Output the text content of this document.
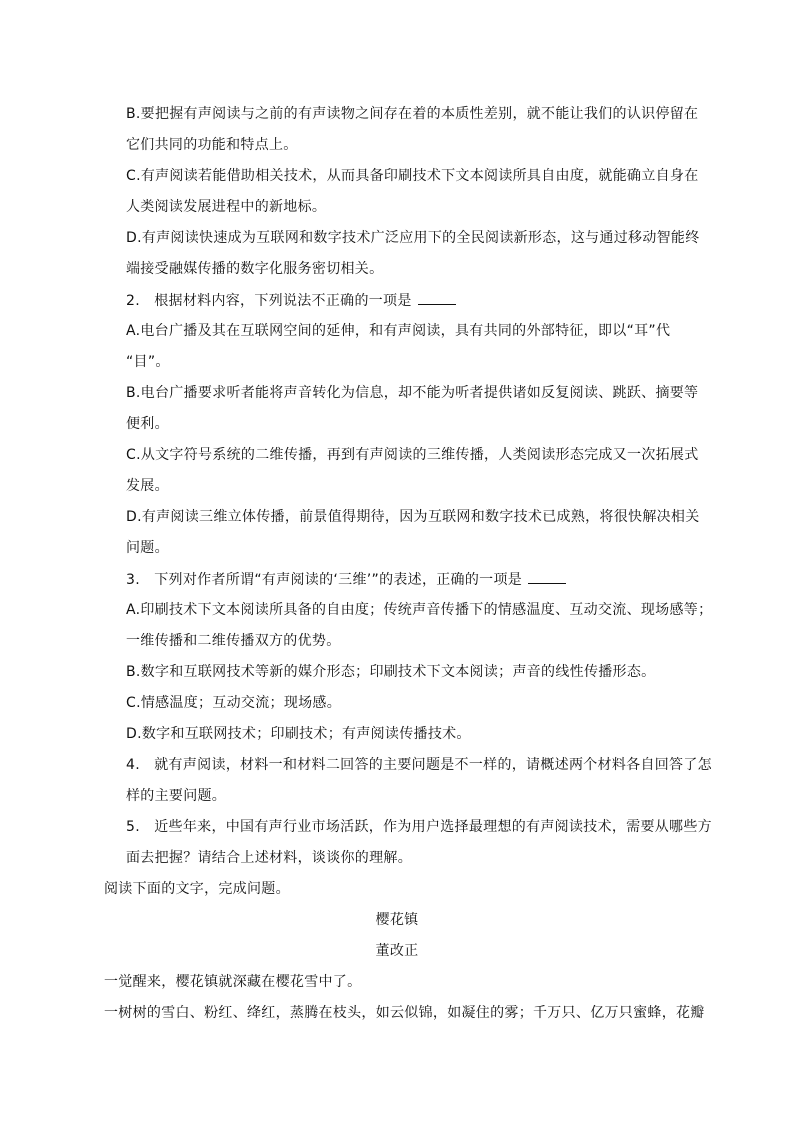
B.要把握有声阅读与之前的有声读物之间存在着的本质性差别，就不能让我们的认识停留在
它们共同的功能和特点上。
C.有声阅读若能借助相关技术，从而具备印刷技术下文本阅读所具自由度，就能确立自身在
人类阅读发展进程中的新地标。
D.有声阅读快速成为互联网和数字技术广泛应用下的全民阅读新形态，这与通过移动智能终
端接受融媒传播的数字化服务密切相关。
2.　根据材料内容，下列说法不正确的一项是
A.电台广播及其在互联网空间的延伸，和有声阅读，具有共同的外部特征，即以“耳”代
“目”。
B.电台广播要求听者能将声音转化为信息，却不能为听者提供诸如反复阅读、跳跃、摘要等
便利。
C.从文字符号系统的二维传播，再到有声阅读的三维传播，人类阅读形态完成又一次拓展式
发展。
D.有声阅读三维立体传播，前景值得期待，因为互联网和数字技术已成熟，将很快解决相关
问题。
3.　下列对作者所谓“有声阅读的‘三维’”的表述，正确的一项是
A.印刷技术下文本阅读所具备的自由度；传统声音传播下的情感温度、互动交流、现场感等；
一维传播和二维传播双方的优势。
B.数字和互联网技术等新的媒介形态；印刷技术下文本阅读；声音的线性传播形态。
C.情感温度；互动交流；现场感。
D.数字和互联网技术；印刷技术；有声阅读传播技术。
4.　就有声阅读，材料一和材料二回答的主要问题是不一样的，请概述两个材料各自回答了怎
样的主要问题。
5.　近些年来，中国有声行业市场活跃，作为用户选择最理想的有声阅读技术，需要从哪些方
面去把握？请结合上述材料，谈谈你的理解。
阅读下面的文字，完成问题。
樱花镇
董改正
一觉醒来，樱花镇就深藏在樱花雪中了。
一树树的雪白、粉红、绛红，蒸腾在枝头，如云似锦，如凝住的雾；千万只、亿万只蜜蜂，花瓣
